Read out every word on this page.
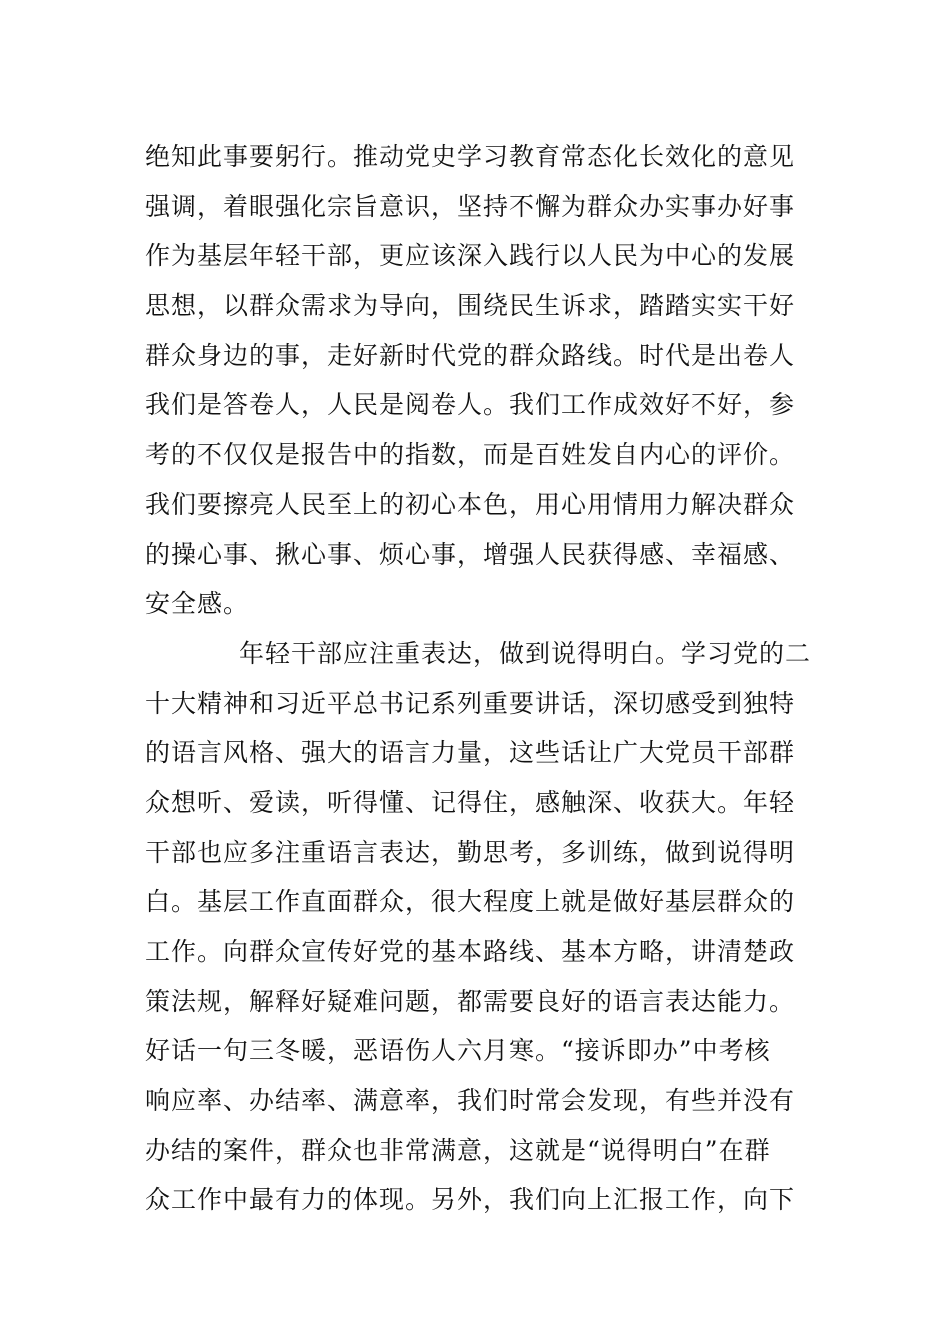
绝知此事要躬行。推动党史学习教育常态化长效化的意见
强调，着眼强化宗旨意识，坚持不懈为群众办实事办好事
作为基层年轻干部，更应该深入践行以人民为中心的发展
思想，以群众需求为导向，围绕民生诉求，踏踏实实干好
群众身边的事，走好新时代党的群众路线。时代是出卷人
我们是答卷人，人民是阅卷人。我们工作成效好不好，参
考的不仅仅是报告中的指数，而是百姓发自内心的评价。
我们要擦亮人民至上的初心本色，用心用情用力解决群众
的操心事、揪心事、烦心事，增强人民获得感、幸福感、
安全感。
年轻干部应注重表达，做到说得明白。学习党的二
十大精神和习近平总书记系列重要讲话，深切感受到独特
的语言风格、强大的语言力量，这些话让广大党员干部群
众想听、爱读，听得懂、记得住，感触深、收获大。年轻
干部也应多注重语言表达，勤思考，多训练，做到说得明
白。基层工作直面群众，很大程度上就是做好基层群众的
工作。向群众宣传好党的基本路线、基本方略，讲清楚政
策法规，解释好疑难问题，都需要良好的语言表达能力。
好话一句三冬暖，恶语伤人六月寒。“接诉即办”中考核
响应率、办结率、满意率，我们时常会发现，有些并没有
办结的案件，群众也非常满意，这就是“说得明白”在群
众工作中最有力的体现。另外，我们向上汇报工作，向下
